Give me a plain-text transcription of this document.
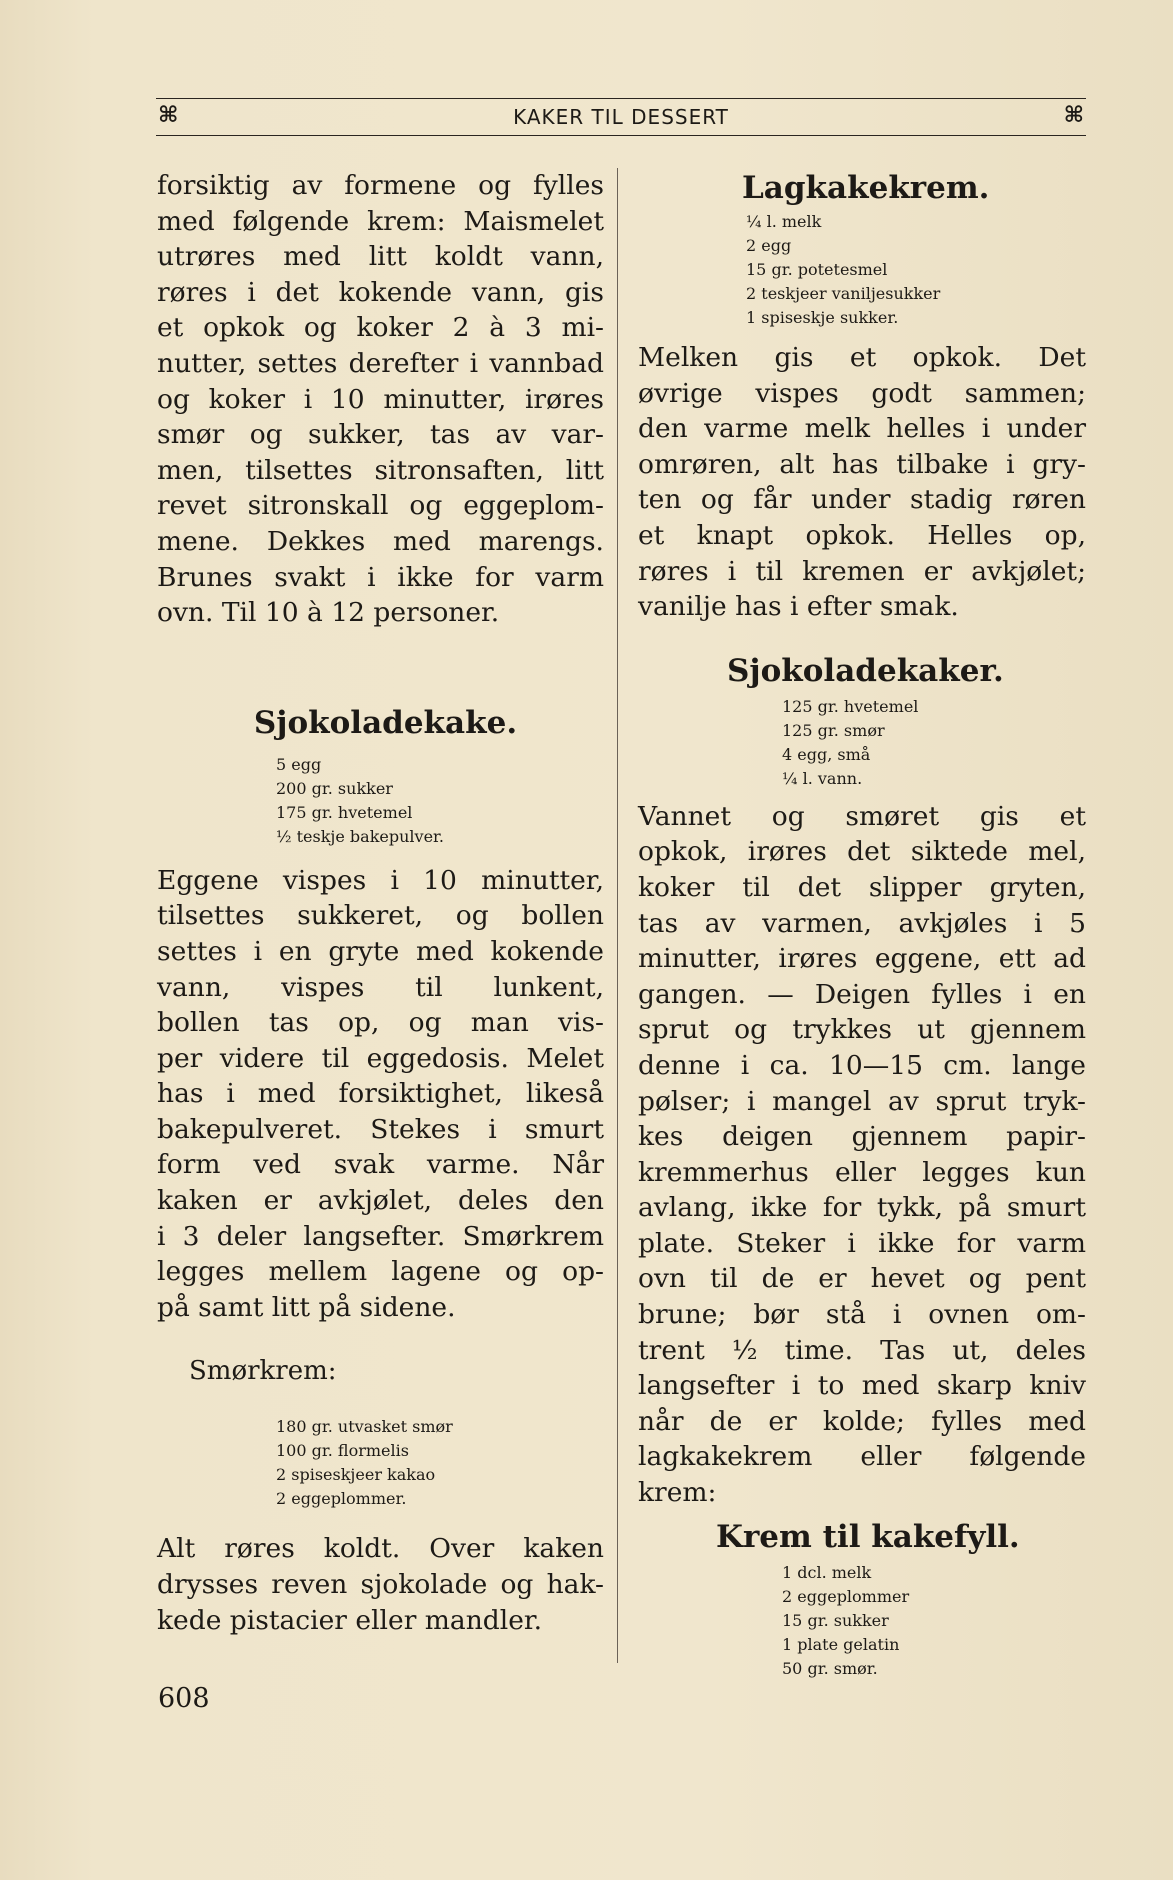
⌘	KAKER TIL DESSERT	⌘
forsiktig av formene og fylles
med følgende krem: Maismelet
utrøres med litt koldt vann,
røres i det kokende vann, gis
et opkok og koker 2 à 3 mi-
nutter, settes derefter i vannbad
og koker i 10 minutter, irøres
smør og sukker, tas av var-
men, tilsettes sitronsaften, litt
revet sitronskall og eggeplom-
mene. Dekkes med marengs.
Brunes svakt i ikke for varm
ovn. Til 10 à 12 personer.
Sjokoladekake.
5 egg
200 gr. sukker
175 gr. hvetemel
½ teskje bakepulver.
Eggene vispes i 10 minutter,
tilsettes sukkeret, og bollen
settes i en gryte med kokende
vann, vispes til lunkent,
bollen tas op, og man vis-
per videre til eggedosis. Melet
has i med forsiktighet, likeså
bakepulveret. Stekes i smurt
form ved svak varme. Når
kaken er avkjølet, deles den
i 3 deler langsefter. Smørkrem
legges mellem lagene og op-
på samt litt på sidene.

Smørkrem:

180 gr. utvasket smør
100 gr. flormelis
2 spiseskjeer kakao
2 eggeplommer.
Alt røres koldt. Over kaken
drysses reven sjokolade og hak-
kede pistacier eller mandler.
608
Lagkakekrem.
¼ l. melk
2 egg
15 gr. potetesmel
2 teskjeer vaniljesukker
1 spiseskje sukker.
Melken gis et opkok. Det
øvrige vispes godt sammen;
den varme melk helles i under
omrøren, alt has tilbake i gry-
ten og får under stadig røren
et knapt opkok. Helles op,
røres i til kremen er avkjølet;
vanilje has i efter smak.
Sjokoladekaker.
125 gr. hvetemel
125 gr. smør
4 egg, små
¼ l. vann.
Vannet og smøret gis et
opkok, irøres det siktede mel,
koker til det slipper gryten,
tas av varmen, avkjøles i 5
minutter, irøres eggene, ett ad
gangen. — Deigen fylles i en
sprut og trykkes ut gjennem
denne i ca. 10—15 cm. lange
pølser; i mangel av sprut tryk-
kes deigen gjennem papir-
kremmerhus eller legges kun
avlang, ikke for tykk, på smurt
plate. Steker i ikke for varm
ovn til de er hevet og pent
brune; bør stå i ovnen om-
trent ½ time. Tas ut, deles
langsefter i to med skarp kniv
når de er kolde; fylles med
lagkakekrem eller følgende
krem:
Krem til kakefyll.
1 dcl. melk
2 eggeplommer
15 gr. sukker
1 plate gelatin
50 gr. smør.
